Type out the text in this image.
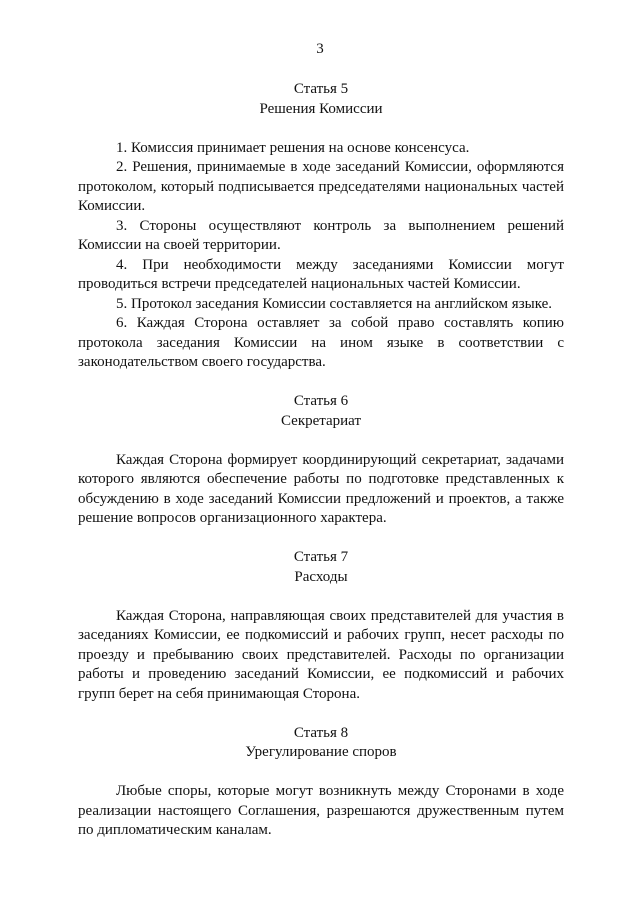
3
Статья 5
Решения Комиссии

1. Комиссия принимает решения на основе консенсуса.

2. Решения, принимаемые в ходе заседаний Комиссии, оформляются протоколом, который подписывается председателями национальных частей Комиссии.

3. Стороны осуществляют контроль за выполнением решений Комиссии на своей территории.

4. При необходимости между заседаниями Комиссии могут проводиться встречи председателей национальных частей Комиссии.

5. Протокол заседания Комиссии составляется на английском языке.

6. Каждая Сторона оставляет за собой право составлять копию протокола заседания Комиссии на ином языке в соответствии с законодательством своего государства.

Статья 6
Секретариат

Каждая Сторона формирует координирующий секретариат, задачами которого являются обеспечение работы по подготовке представленных к обсуждению в ходе заседаний Комиссии предложений и проектов, а также решение вопросов организационного характера.

Статья 7
Расходы

Каждая Сторона, направляющая своих представителей для участия в заседаниях Комиссии, ее подкомиссий и рабочих групп, несет расходы по проезду и пребыванию своих представителей. Расходы по организации работы и проведению заседаний Комиссии, ее подкомиссий и рабочих групп берет на себя принимающая Сторона.

Статья 8
Урегулирование споров

Любые споры, которые могут возникнуть между Сторонами в ходе реализации настоящего Соглашения, разрешаются дружественным путем по дипломатическим каналам.
